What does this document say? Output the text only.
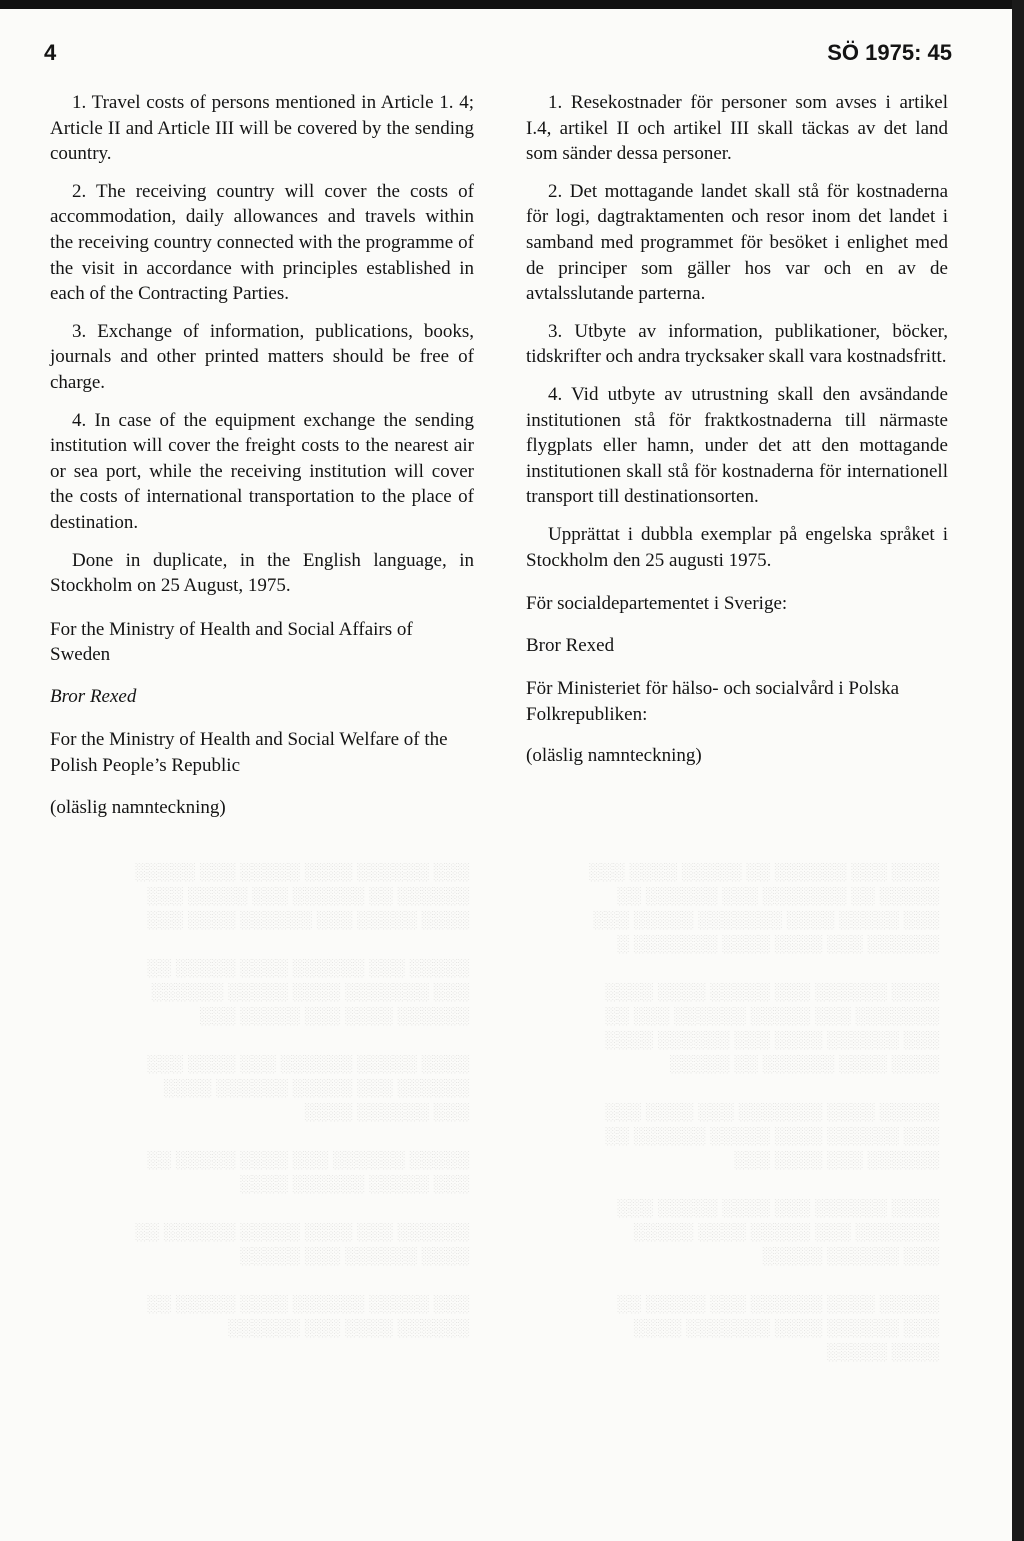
4	SÖ 1975: 45
░░░░ ░░░ ░░░░░░ ░░ ░░░░░ ░░░░ ░░░
░░░░░ ░░ ░░░░░░░ ░░░ ░░░░░░ ░░
░░░ ░░░░░ ░░░░ ░░░░░░░ ░░░░░ ░░░
░░░░░░ ░░░ ░░░░ ░░░░ ░░░░░░░ ░

░░░░ ░░░░░░ ░░░ ░░░░░ ░░░░ ░░░░
░░░░░░░ ░░░ ░░░░░ ░░░░░░ ░░░ ░░
░░░ ░░░░░░ ░░░░ ░░░ ░░░░░░ ░░░░
░░░░ ░░░░ ░░░░░░ ░░ ░░░░░

░░░░░ ░░░░ ░░░░░░░ ░░░ ░░░░ ░░░
░░░ ░░░░░░ ░░░░ ░░░░░ ░░░░░░ ░░
░░░░░░ ░░░ ░░░░ ░░░

░░░░ ░░░░░░ ░░░ ░░░░ ░░░░░ ░░░
░░░░░░░ ░░░ ░░░░░ ░░░░ ░░░░░
░░░ ░░░░░░ ░░░░░

░░░░░ ░░░░ ░░░░░░ ░░░ ░░░░░ ░░
░░░ ░░░░░░ ░░░░ ░░░░░░░ ░░░░
░░░░ ░░░░░
░░░ ░░░░░░ ░░░░ ░░░░░ ░░░ ░░░░░
░░░░░░ ░░ ░░░░░░ ░░░ ░░░░░ ░░░
░░░░ ░░░░░ ░░░ ░░░░░░ ░░░░ ░░░

░░░░░ ░░░ ░░░░░░ ░░░░ ░░░░░ ░░
░░░ ░░░░░░░ ░░░░ ░░░░░ ░░░░░░
░░░░░░ ░░░░ ░░░ ░░░░░ ░░░

░░░░ ░░░░░ ░░░░░░ ░░░ ░░░░ ░░░
░░░░░░ ░░░ ░░░░░ ░░░░░░ ░░░░
░░░ ░░░░░░ ░░░░

░░░░░ ░░░░░░ ░░░ ░░░░ ░░░░░ ░░
░░░ ░░░░░ ░░░░░░ ░░░░

░░░░░░ ░░░ ░░░░ ░░░░░ ░░░░░░ ░░
░░░░ ░░░░░░ ░░░ ░░░░░

░░░ ░░░░░ ░░░░░░ ░░░░ ░░░░░ ░░
░░░░░░ ░░░░ ░░░ ░░░░░░

1. Travel costs of persons mentioned in Article 1. 4; Article II and Article III will be covered by the sending country.

2. The receiving country will cover the costs of accommodation, daily allowances and travels within the receiving country connected with the programme of the visit in accordance with principles established in each of the Contracting Parties.

3. Exchange of information, publications, books, journals and other printed matters should be free of charge.

4. In case of the equipment exchange the sending institution will cover the freight costs to the nearest air or sea port, while the receiving institution will cover the costs of international transportation to the place of destination.

Done in duplicate, in the English language, in Stockholm on 25 August, 1975.

For the Ministry of Health and Social Affairs of Sweden

Bror Rexed

For the Ministry of Health and Social Welfare of the Polish People’s Republic

(oläslig namnteckning)

1. Resekostnader för personer som avses i artikel I.4, artikel II och artikel III skall täckas av det land som sänder dessa personer.

2. Det mottagande landet skall stå för kostnaderna för logi, dagtraktamenten och resor inom det landet i samband med programmet för besöket i enlighet med de principer som gäller hos var och en av de avtalsslutande parterna.

3. Utbyte av information, publikationer, böcker, tidskrifter och andra trycksaker skall vara kostnadsfritt.

4. Vid utbyte av utrustning skall den avsändande institutionen stå för fraktkostnaderna till närmaste flygplats eller hamn, under det att den mottagande institutionen skall stå för kostnaderna för internationell transport till destinationsorten.

Upprättat i dubbla exemplar på engelska språket i Stockholm den 25 augusti 1975.

För socialdepartementet i Sverige:

Bror Rexed

För Ministeriet för hälso- och socialvård i Polska Folkrepubliken:

(oläslig namnteckning)
